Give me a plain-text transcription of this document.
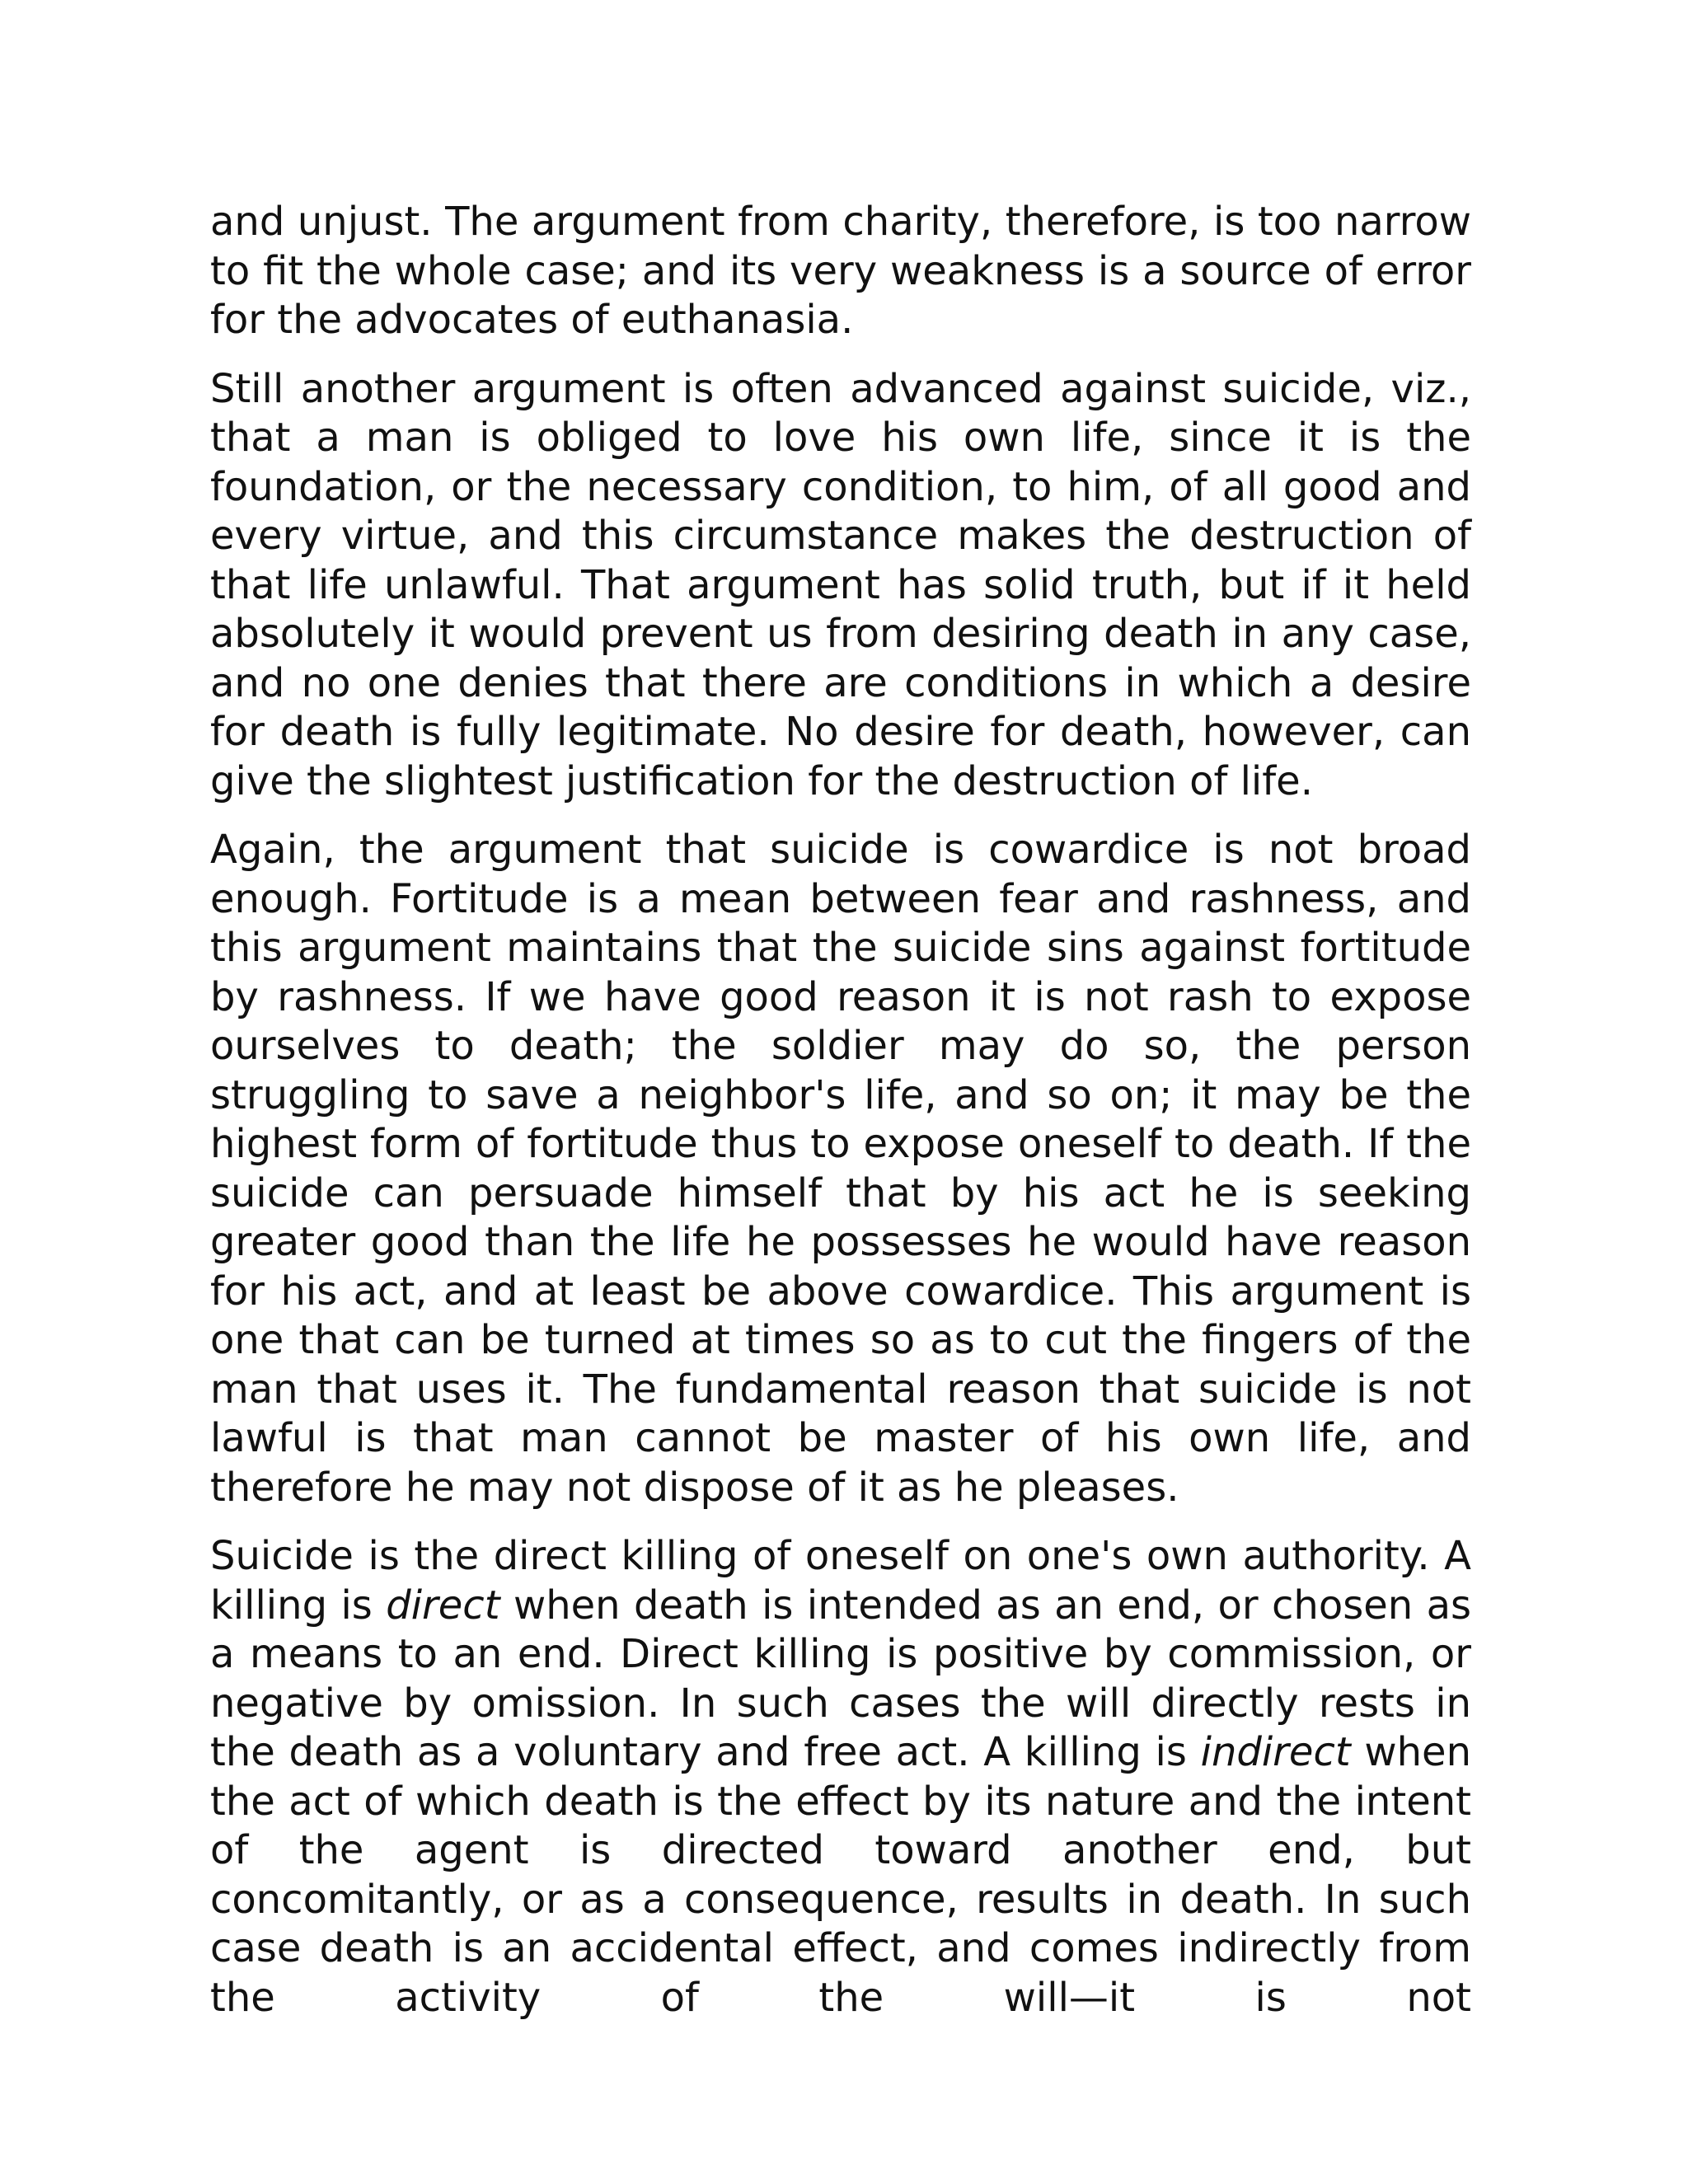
and unjust. The argument from charity, therefore, is too narrow to fit the whole case; and its very weakness is a source of error for the advocates of euthanasia.

Still another argument is often advanced against suicide, viz., that a man is obliged to love his own life, since it is the foundation, or the necessary condition, to him, of all good and every virtue, and this circumstance makes the destruction of that life unlawful. That argument has solid truth, but if it held absolutely it would prevent us from desiring death in any case, and no one denies that there are conditions in which a desire for death is fully legitimate. No desire for death, however, can give the slightest justification for the destruction of life.

Again, the argument that suicide is cowardice is not broad enough. Fortitude is a mean between fear and rashness, and this argument maintains that the suicide sins against fortitude by rashness. If we have good reason it is not rash to expose ourselves to death; the soldier may do so, the person struggling to save a neighbor's life, and so on; it may be the highest form of fortitude thus to expose oneself to death. If the suicide can persuade himself that by his act he is seeking greater good than the life he possesses he would have reason for his act, and at least be above cowardice. This argument is one that can be turned at times so as to cut the fingers of the man that uses it. The fundamental reason that suicide is not lawful is that man cannot be master of his own life, and therefore he may not dispose of it as he pleases.

Suicide is the direct killing of oneself on one's own authority. A killing is direct when death is intended as an end, or chosen as a means to an end. Direct killing is positive by commission, or negative by omission. In such cases the will directly rests in the death as a voluntary and free act. A killing is indirect when the act of which death is the effect by its nature and the intent of the agent is directed toward another end, but concomitantly, or as a consequence, results in death. In such case death is an accidental effect, and comes indirectly from the activity of the will—it is not
